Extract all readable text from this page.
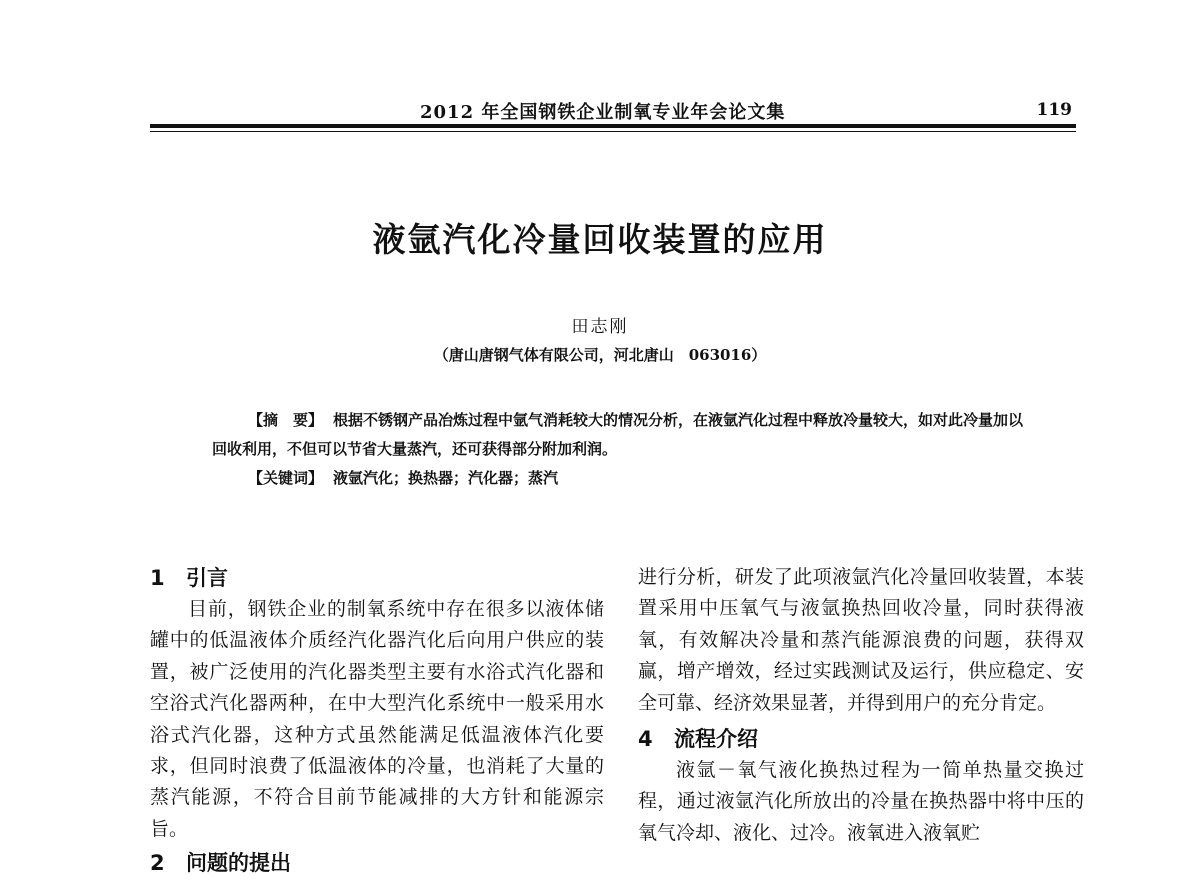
2012 年全国钢铁企业制氧专业年会论文集	119
液氩汽化冷量回收装置的应用
田志刚
（唐山唐钢气体有限公司，河北唐山　063016）
【摘　要】 根据不锈钢产品冶炼过程中氩气消耗较大的情况分析，在液氩汽化过程中释放冷量较大，如对此冷量加以回收利用，不但可以节省大量蒸汽，还可获得部分附加利润。
【关键词】 液氩汽化；换热器；汽化器；蒸汽
1 引言
目前，钢铁企业的制氧系统中存在很多以液体储罐中的低温液体介质经汽化器汽化后向用户供应的装置，被广泛使用的汽化器类型主要有水浴式汽化器和空浴式汽化器两种，在中大型汽化系统中一般采用水浴式汽化器，这种方式虽然能满足低温液体汽化要求，但同时浪费了低温液体的冷量，也消耗了大量的蒸汽能源，不符合目前节能减排的大方针和能源宗旨。
2 问题的提出
进行分析，研发了此项液氩汽化冷量回收装置，本装置采用中压氧气与液氩换热回收冷量，同时获得液氧，有效解决冷量和蒸汽能源浪费的问题，获得双赢，增产增效，经过实践测试及运行，供应稳定、安全可靠、经济效果显著，并得到用户的充分肯定。
4 流程介绍
液氩－氧气液化换热过程为一简单热量交换过程，通过液氩汽化所放出的冷量在换热器中将中压的氧气冷却、液化、过冷。液氧进入液氧贮
